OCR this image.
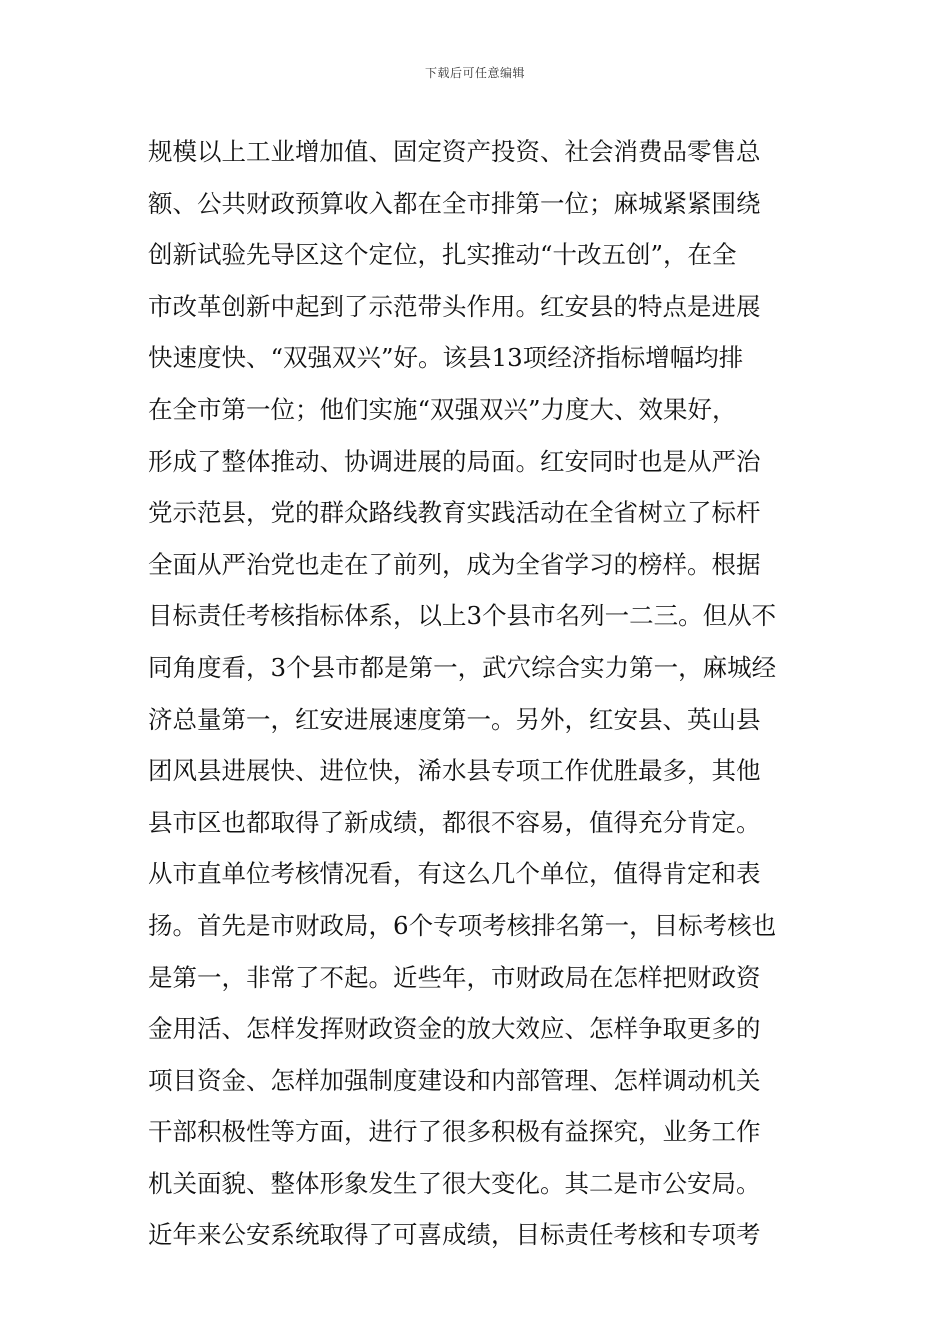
下载后可任意编辑
规模以上工业增加值、固定资产投资、社会消费品零售总
额、公共财政预算收入都在全市排第一位；麻城紧紧围绕
创新试验先导区这个定位，扎实推动“十改五创”，在全
市改革创新中起到了示范带头作用。红安县的特点是进展
快速度快、“双强双兴”好。该县13项经济指标增幅均排
在全市第一位；他们实施“双强双兴”力度大、效果好，
形成了整体推动、协调进展的局面。红安同时也是从严治
党示范县，党的群众路线教育实践活动在全省树立了标杆
全面从严治党也走在了前列，成为全省学习的榜样。根据
目标责任考核指标体系，以上3个县市名列一二三。但从不
同角度看，3个县市都是第一，武穴综合实力第一，麻城经
济总量第一，红安进展速度第一。另外，红安县、英山县
团风县进展快、进位快，浠水县专项工作优胜最多，其他
县市区也都取得了新成绩，都很不容易，值得充分肯定。
从市直单位考核情况看，有这么几个单位，值得肯定和表
扬。首先是市财政局，6个专项考核排名第一，目标考核也
是第一，非常了不起。近些年，市财政局在怎样把财政资
金用活、怎样发挥财政资金的放大效应、怎样争取更多的
项目资金、怎样加强制度建设和内部管理、怎样调动机关
干部积极性等方面，进行了很多积极有益探究，业务工作
机关面貌、整体形象发生了很大变化。其二是市公安局。
近年来公安系统取得了可喜成绩，目标责任考核和专项考
